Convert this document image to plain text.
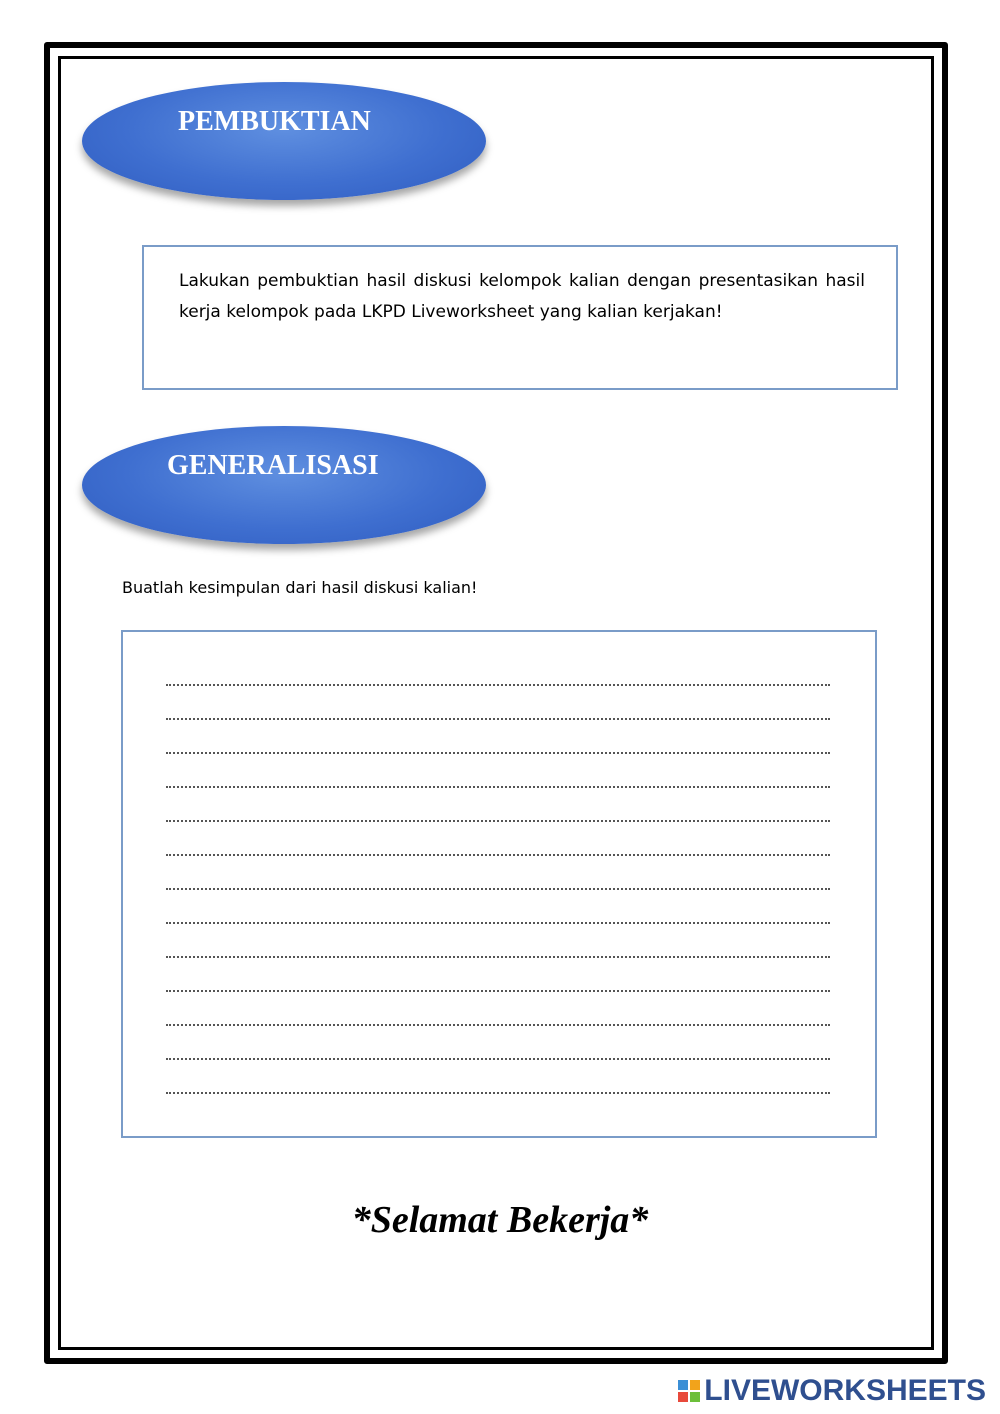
PEMBUKTIAN
Lakukan pembuktian hasil diskusi kelompok kalian dengan presentasikan hasil kerja kelompok pada LKPD Liveworksheet yang kalian kerjakan!
GENERALISASI
Buatlah kesimpulan dari hasil diskusi kalian!
*Selamat Bekerja*
LIVEWORKSHEETS
